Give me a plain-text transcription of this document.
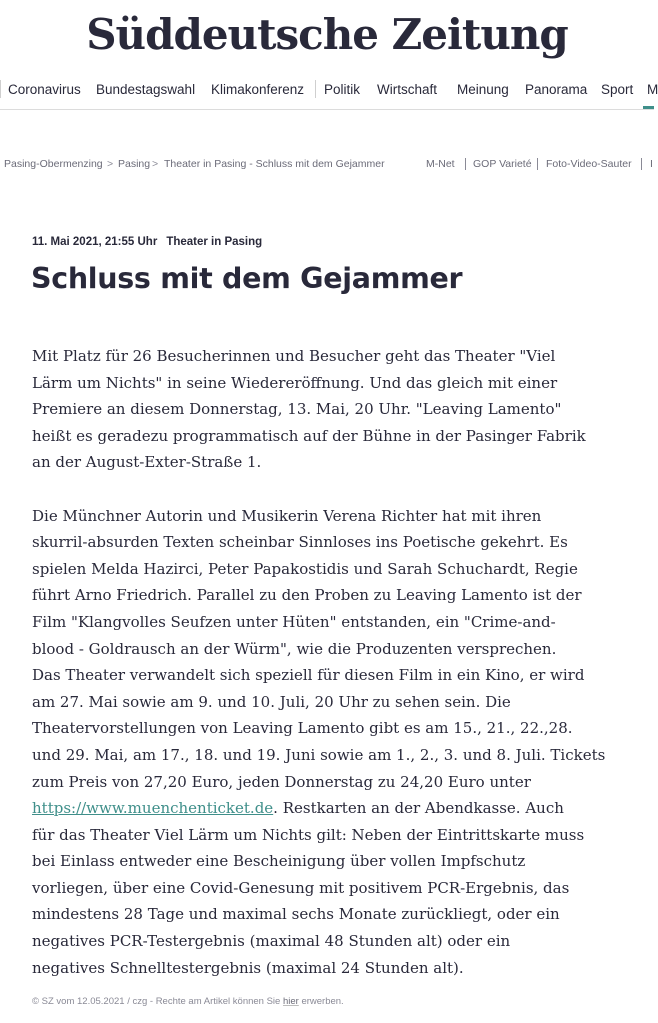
Süddeutsche Zeitung
Coronavirus Bundestagswahl Klimakonferenz Politik Wirtschaft Meinung Panorama Sport M
Pasing-Obermenzing > Pasing > Theater in Pasing - Schluss mit dem Gejammer	M-Net GOP Varieté Foto-Video-Sauter I
11. Mai 2021, 21:55 Uhr Theater in Pasing
Schluss mit dem Gejammer

Mit Platz für 26 Besucherinnen und Besucher geht das Theater "Viel
Lärm um Nichts" in seine Wiedereröffnung. Und das gleich mit einer
Premiere an diesem Donnerstag, 13. Mai, 20 Uhr. "Leaving Lamento"
heißt es geradezu programmatisch auf der Bühne in der Pasinger Fabrik
an der August-Exter-Straße 1.

Die Münchner Autorin und Musikerin Verena Richter hat mit ihren
skurril-absurden Texten scheinbar Sinnloses ins Poetische gekehrt. Es
spielen Melda Hazirci, Peter Papakostidis und Sarah Schuchardt, Regie
führt Arno Friedrich. Parallel zu den Proben zu Leaving Lamento ist der
Film "Klangvolles Seufzen unter Hüten" entstanden, ein "Crime-and-
blood - Goldrausch an der Würm", wie die Produzenten versprechen.
Das Theater verwandelt sich speziell für diesen Film in ein Kino, er wird
am 27. Mai sowie am 9. und 10. Juli, 20 Uhr zu sehen sein. Die
Theatervorstellungen von Leaving Lamento gibt es am 15., 21., 22.,28.
und 29. Mai, am 17., 18. und 19. Juni sowie am 1., 2., 3. und 8. Juli. Tickets
zum Preis von 27,20 Euro, jeden Donnerstag zu 24,20 Euro unter
https://www.muenchenticket.de. Restkarten an der Abendkasse. Auch
für das Theater Viel Lärm um Nichts gilt: Neben der Eintrittskarte muss
bei Einlass entweder eine Bescheinigung über vollen Impfschutz
vorliegen, über eine Covid-Genesung mit positivem PCR-Ergebnis, das
mindestens 28 Tage und maximal sechs Monate zurückliegt, oder ein
negatives PCR-Testergebnis (maximal 48 Stunden alt) oder ein
negatives Schnelltestergebnis (maximal 24 Stunden alt).

© SZ vom 12.05.2021 / czg - Rechte am Artikel können Sie hier erwerben.
